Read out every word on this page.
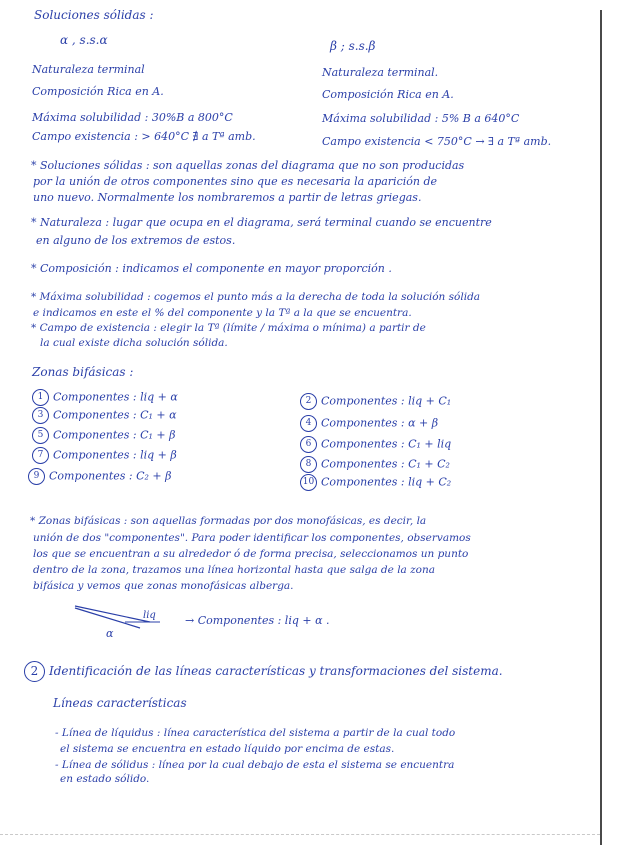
Soluciones sólidas :
α , s.s.α
Naturaleza terminal
Composición Rica en A.
Máxima solubilidad : 30%B a 800°C
Campo existencia : > 640°C ∄ a Tª amb.
β ; s.s.β
Naturaleza terminal.
Composición Rica en A.
Máxima solubilidad : 5% B a 640°C
Campo existencia < 750°C → ∃ a Tª amb.
* Soluciones sólidas : son aquellas zonas del diagrama que no son producidas
por la unión de otros componentes sino que es necesaria la aparición de
uno nuevo. Normalmente los nombraremos a partir de letras griegas.
* Naturaleza : lugar que ocupa en el diagrama, será terminal cuando se encuentre
en alguno de los extremos de estos.
* Composición : indicamos el componente en mayor proporción .
* Máxima solubilidad : cogemos el punto más a la derecha de toda la solución sólida
e indicamos en este el % del componente y la Tª a la que se encuentra.
* Campo de existencia : elegir la Tª (límite / máxima o mínima) a partir de
la cual existe dicha solución sólida.
Zonas bifásicas :
1 Componentes : liq + α
3 Componentes : C₁ + α
5 Componentes : C₁ + β
7 Componentes : liq + β
9 Componentes : C₂ + β
2 Componentes : liq + C₁
4 Componentes : α + β
6 Componentes : C₁ + liq
8 Componentes : C₁ + C₂
10 Componentes : liq + C₂
* Zonas bifásicas : son aquellas formadas por dos monofásicas, es decir, la
unión de dos "componentes". Para poder identificar los componentes, observamos
los que se encuentran a su alrededor ó de forma precisa, seleccionamos un punto
dentro de la zona, trazamos una línea horizontal hasta que salga de la zona
bifásica y vemos que zonas monofásicas alberga.
liq
α
→ Componentes : liq + α .
2 Identificación de las líneas características y transformaciones del sistema.
Líneas características
- Línea de líquidus : línea característica del sistema a partir de la cual todo
el sistema se encuentra en estado líquido por encima de estas.
- Línea de sólidus : línea por la cual debajo de esta el sistema se encuentra
en estado sólido.
